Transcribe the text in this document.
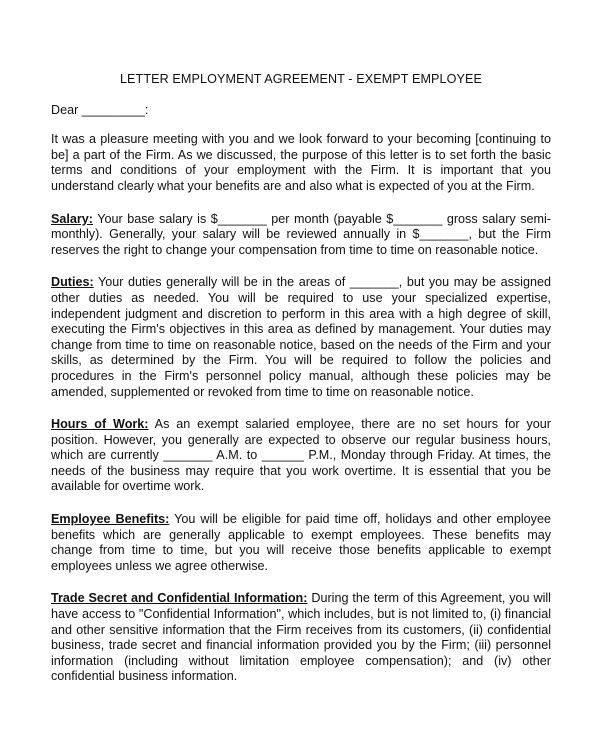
LETTER EMPLOYMENT AGREEMENT - EXEMPT EMPLOYEE
Dear _________:

It was a pleasure meeting with you and we look forward to your becoming [continuing to be] a part of the Firm. As we discussed, the purpose of this letter is to set forth the basic terms and conditions of your employment with the Firm. It is important that you understand clearly what your benefits are and also what is expected of you at the Firm.

Salary: Your base salary is $_______ per month (payable $_______ gross salary semi-monthly). Generally, your salary will be reviewed annually in $_______, but the Firm reserves the right to change your compensation from time to time on reasonable notice.

Duties: Your duties generally will be in the areas of _______, but you may be assigned other duties as needed. You will be required to use your specialized expertise, independent judgment and discretion to perform in this area with a high degree of skill, executing the Firm's objectives in this area as defined by management. Your duties may change from time to time on reasonable notice, based on the needs of the Firm and your skills, as determined by the Firm. You will be required to follow the policies and procedures in the Firm's personnel policy manual, although these policies may be amended, supplemented or revoked from time to time on reasonable notice.

Hours of Work: As an exempt salaried employee, there are no set hours for your position. However, you generally are expected to observe our regular business hours, which are currently _______ A.M. to ______ P.M., Monday through Friday. At times, the needs of the business may require that you work overtime. It is essential that you be available for overtime work.

Employee Benefits: You will be eligible for paid time off, holidays and other employee benefits which are generally applicable to exempt employees. These benefits may change from time to time, but you will receive those benefits applicable to exempt employees unless we agree otherwise.

Trade Secret and Confidential Information: During the term of this Agreement, you will have access to "Confidential Information", which includes, but is not limited to, (i) financial and other sensitive information that the Firm receives from its customers, (ii) confidential business, trade secret and financial information provided you by the Firm; (iii) personnel information (including without limitation employee compensation); and (iv) other confidential business information.
